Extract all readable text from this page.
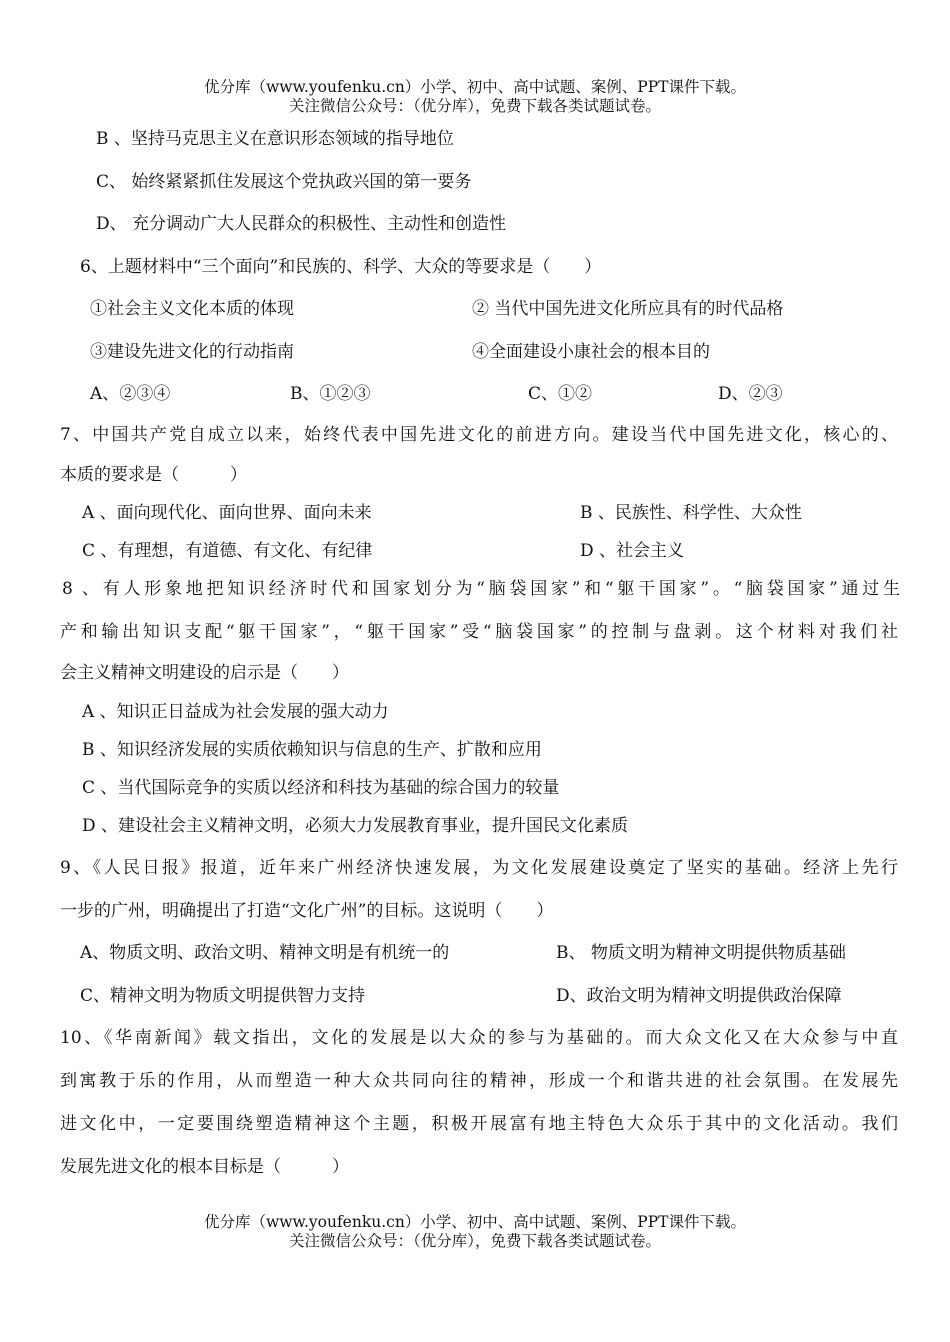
优分库（www.youfenku.cn）小学、初中、高中试题、案例、PPT课件下载。
关注微信公众号：（优分库），免费下载各类试题试卷。
B 、坚持马克思主义在意识形态领域的指导地位
C、 始终紧紧抓住发展这个党执政兴国的第一要务
D、 充分调动广大人民群众的积极性、主动性和创造性
6、上题材料中“三个面向”和民族的、科学、大众的等要求是（　　）
①社会主义文化本质的体现	② 当代中国先进文化所应具有的时代品格
③建设先进文化的行动指南	④全面建设小康社会的根本目的
A、②③④	B、①②③	C、①②	D、②③
7、中国共产党自成立以来，始终代表中国先进文化的前进方向。建设当代中国先进文化，核心的、
本质的要求是（　　　）
A 、面向现代化、面向世界、面向未来	B 、民族性、科学性、大众性
C 、有理想，有道德、有文化、有纪律	D 、社会主义
8 、有人形象地把知识经济时代和国家划分为“脑袋国家”和“躯干国家”。“脑袋国家”通过生
产和输出知识支配“躯干国家”，“躯干国家”受“脑袋国家”的控制与盘剥。这个材料对我们社
会主义精神文明建设的启示是（　　）
A 、知识正日益成为社会发展的强大动力
B 、知识经济发展的实质依赖知识与信息的生产、扩散和应用
C 、当代国际竞争的实质以经济和科技为基础的综合国力的较量
D 、建设社会主义精神文明，必须大力发展教育事业，提升国民文化素质
9、《人民日报》报道，近年来广州经济快速发展，为文化发展建设奠定了坚实的基础。经济上先行
一步的广州，明确提出了打造“文化广州”的目标。这说明（　　）
A、物质文明、政治文明、精神文明是有机统一的	B、 物质文明为精神文明提供物质基础
C、精神文明为物质文明提供智力支持	D、政治文明为精神文明提供政治保障
10、《华南新闻》载文指出，文化的发展是以大众的参与为基础的。而大众文化又在大众参与中直
到寓教于乐的作用，从而塑造一种大众共同向往的精神，形成一个和谐共进的社会氛围。在发展先
进文化中，一定要围绕塑造精神这个主题，积极开展富有地主特色大众乐于其中的文化活动。我们
发展先进文化的根本目标是（　　　）
优分库（www.youfenku.cn）小学、初中、高中试题、案例、PPT课件下载。
关注微信公众号：（优分库），免费下载各类试题试卷。
